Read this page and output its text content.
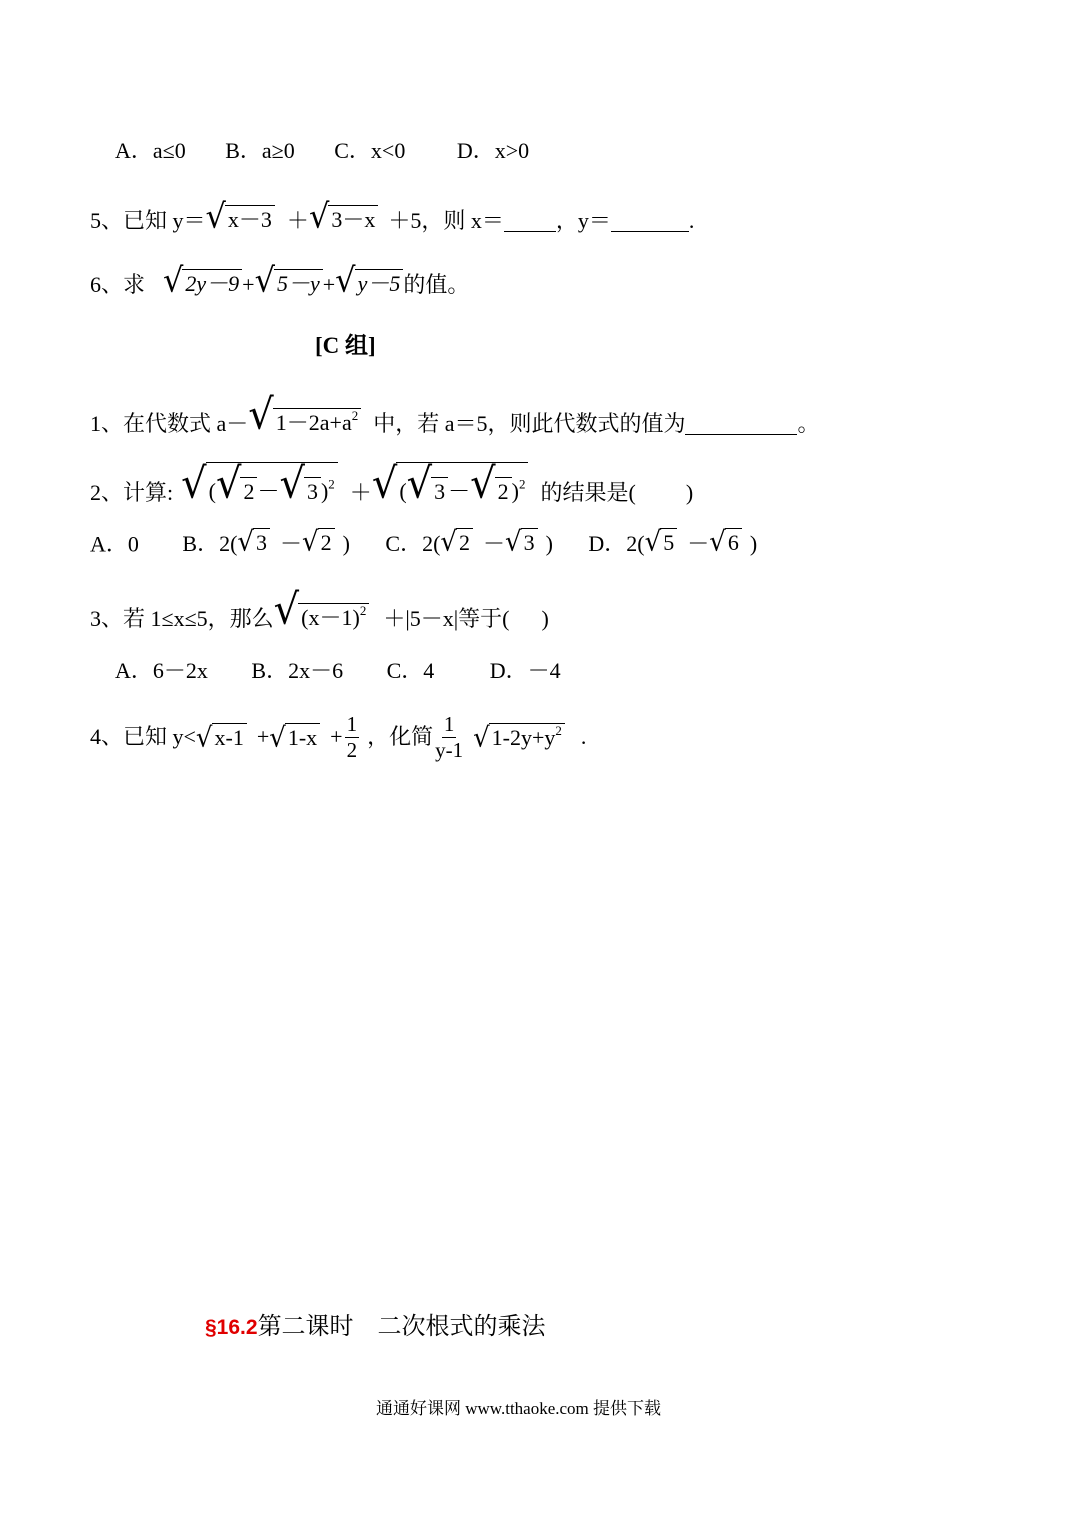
A．a≤0 B．a≥0 C．x<0 D．x>0
5、已知 y＝ √ x－3 ＋ √ 3－x ＋5，则 x＝ ，y＝	.
6、求 √ 2y－9 + √ 5－y + √ y－5 的值。
[C 组]
1、在代数式 a－ √ $1-2a+a^2$ 中，若 a＝5，则此代数式的值为	。
2、计算: √ ( √ 2 － √ 3 )$^2$ ＋ √ ( √ 3 － √ 2 )$^2$ 的结果是( )
A．0 B．2( √ 3 － √ 2 ) C．2( √ 2 － √ 3 ) D．2( √ 5 － √ 6 )
3、若 1≤x≤5，那么 √ $(x-1)^2 +|5-x|$等于( )
A．6－2x B．2x－6 C．4	D．－4
4、已知 y< √ x-1 + √ $1-x + \frac{1}{2}$ ，化简 $\frac{1}{y-1}$ √ $1-2y+y^2$ .
§16.2第二课时　二次根式的乘法
通通好课网 www.tthaoke.com 提供下载
